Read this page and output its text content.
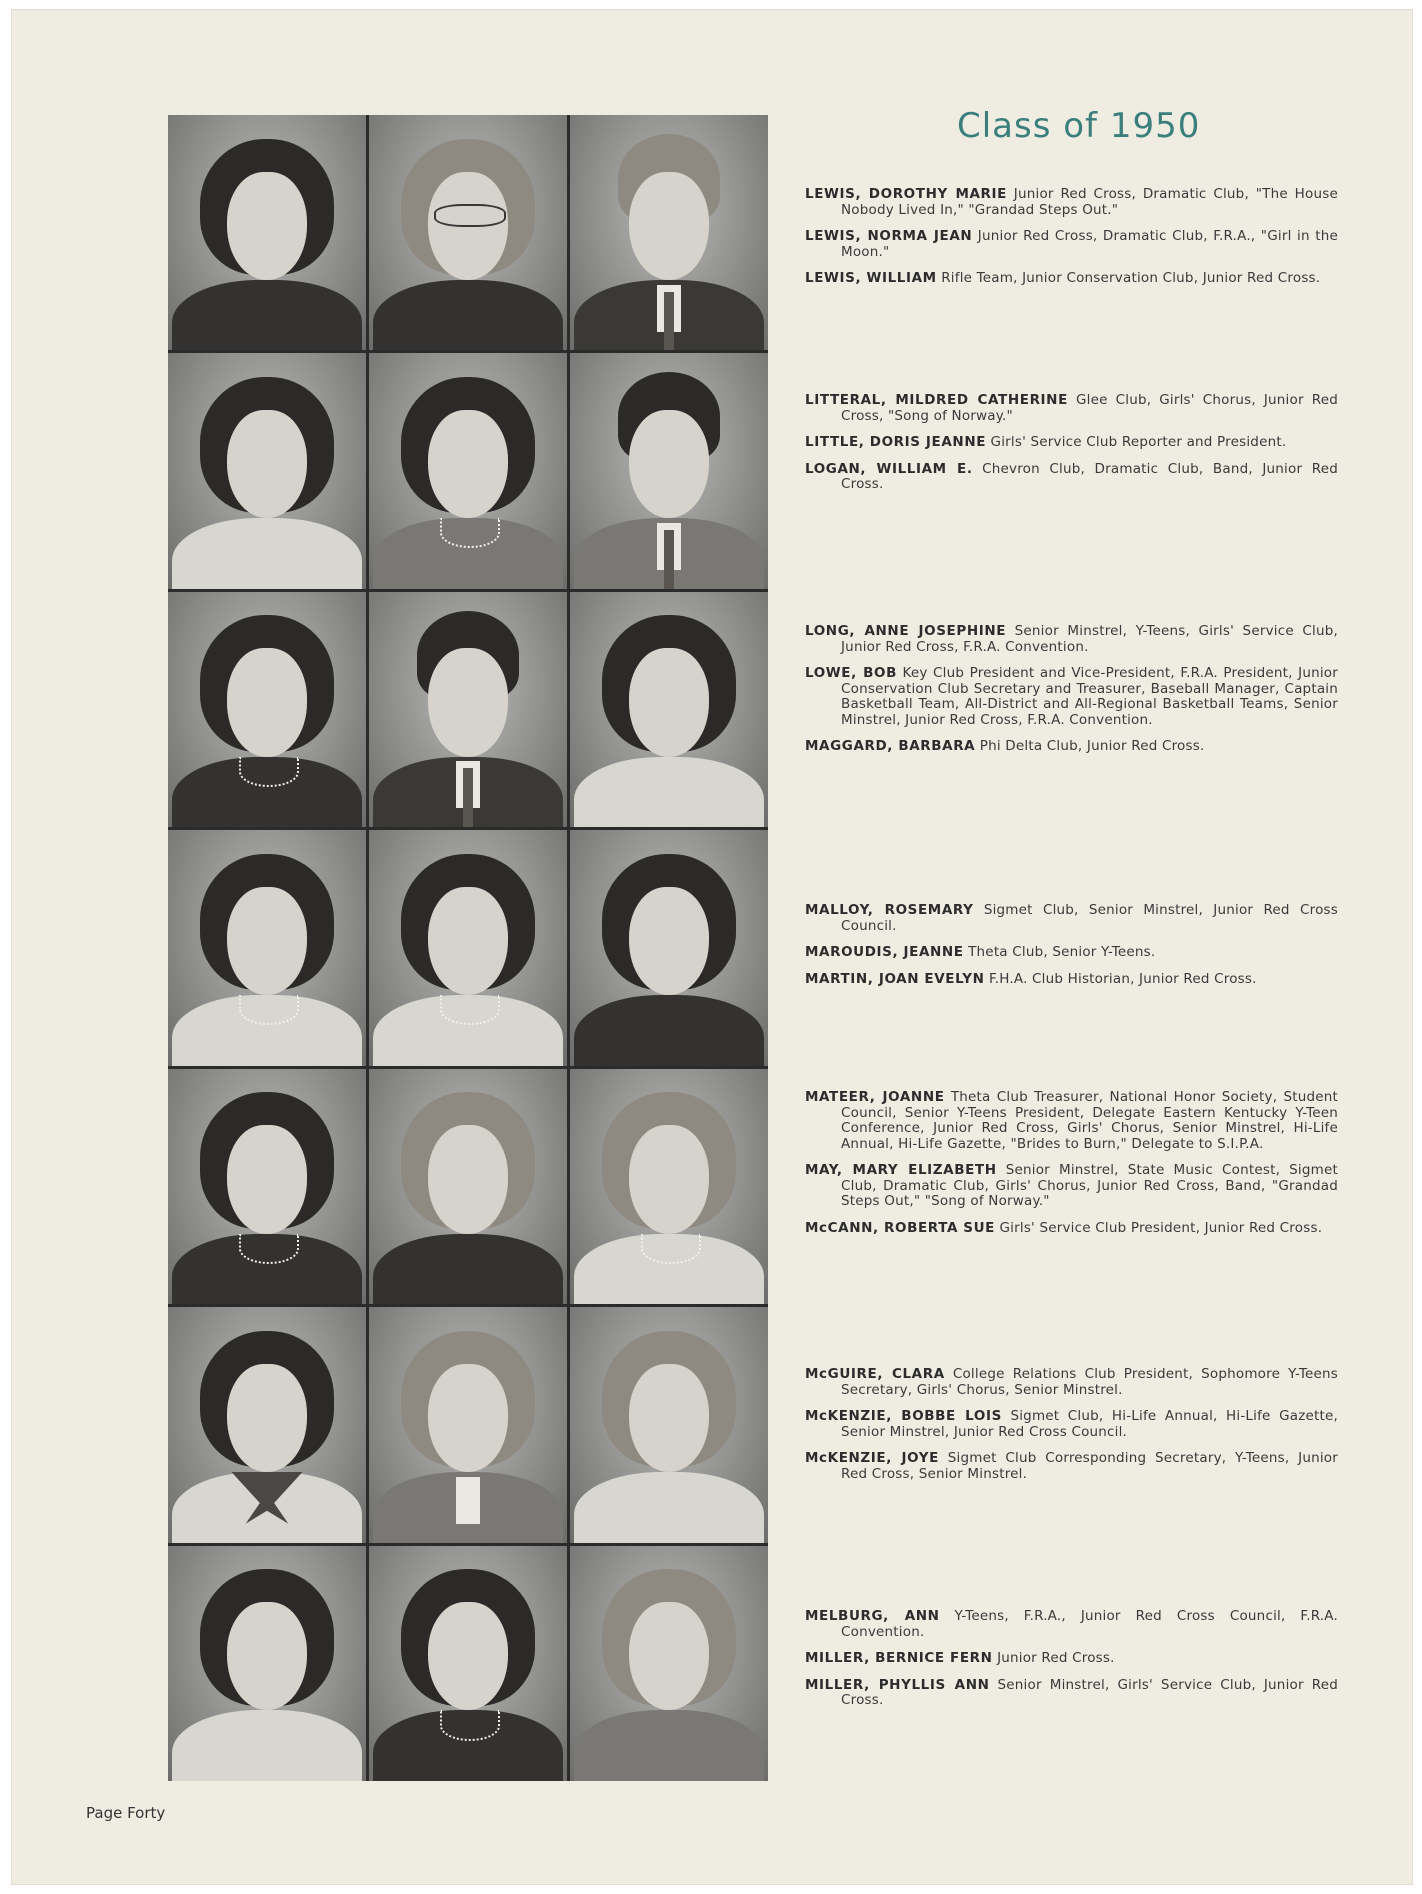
Class of 1950

LEWIS, DOROTHY MARIE Junior Red Cross, Dramatic Club, "The House Nobody Lived In," "Grandad Steps Out."

LEWIS, NORMA JEAN Junior Red Cross, Dramatic Club, F.R.A., "Girl in the Moon."

LEWIS, WILLIAM Rifle Team, Junior Conservation Club, Junior Red Cross.

LITTERAL, MILDRED CATHERINE Glee Club, Girls' Chorus, Junior Red Cross, "Song of Norway."

LITTLE, DORIS JEANNE Girls' Service Club Reporter and President.

LOGAN, WILLIAM E. Chevron Club, Dramatic Club, Band, Junior Red Cross.

LONG, ANNE JOSEPHINE Senior Minstrel, Y-Teens, Girls' Service Club, Junior Red Cross, F.R.A. Convention.

LOWE, BOB Key Club President and Vice-President, F.R.A. President, Junior Conservation Club Secretary and Treasurer, Baseball Manager, Captain Basketball Team, All-District and All-Regional Basketball Teams, Senior Minstrel, Junior Red Cross, F.R.A. Convention.

MAGGARD, BARBARA Phi Delta Club, Junior Red Cross.

MALLOY, ROSEMARY Sigmet Club, Senior Minstrel, Junior Red Cross Council.

MAROUDIS, JEANNE Theta Club, Senior Y-Teens.

MARTIN, JOAN EVELYN F.H.A. Club Historian, Junior Red Cross.

MATEER, JOANNE Theta Club Treasurer, National Honor Society, Student Council, Senior Y-Teens President, Delegate Eastern Kentucky Y-Teen Conference, Junior Red Cross, Girls' Chorus, Senior Minstrel, Hi-Life Annual, Hi-Life Gazette, "Brides to Burn," Delegate to S.I.P.A.

MAY, MARY ELIZABETH Senior Minstrel, State Music Contest, Sigmet Club, Dramatic Club, Girls' Chorus, Junior Red Cross, Band, "Grandad Steps Out," "Song of Norway."

McCANN, ROBERTA SUE Girls' Service Club President, Junior Red Cross.

McGUIRE, CLARA College Relations Club President, Sophomore Y-Teens Secretary, Girls' Chorus, Senior Minstrel.

McKENZIE, BOBBE LOIS Sigmet Club, Hi-Life Annual, Hi-Life Gazette, Senior Minstrel, Junior Red Cross Council.

McKENZIE, JOYE Sigmet Club Corresponding Secretary, Y-Teens, Junior Red Cross, Senior Minstrel.

MELBURG, ANN Y-Teens, F.R.A., Junior Red Cross Council, F.R.A. Convention.

MILLER, BERNICE FERN Junior Red Cross.

MILLER, PHYLLIS ANN Senior Minstrel, Girls' Service Club, Junior Red Cross.

Page Forty
